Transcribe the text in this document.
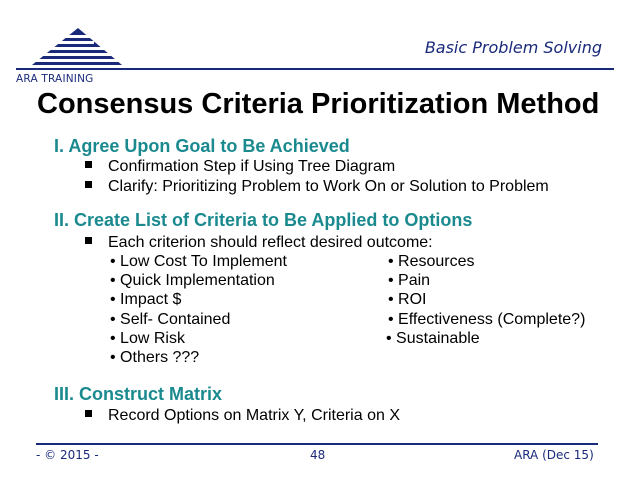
ARA TRAINING
Basic Problem Solving
Consensus Criteria Prioritization Method
I. Agree Upon Goal to Be Achieved
Confirmation Step if Using Tree Diagram
Clarify: Prioritizing Problem to Work On or Solution to Problem
II. Create List of Criteria to Be Applied to Options
Each criterion should reflect desired outcome:
• Low Cost To Implement
• Quick Implementation
• Impact $
• Self- Contained
• Low Risk
• Others ???
• Resources
• Pain
• ROI
• Effectiveness (Complete?)
• Sustainable
III. Construct Matrix
Record Options on Matrix Y, Criteria on X
- © 2015 -	48	ARA (Dec 15)
